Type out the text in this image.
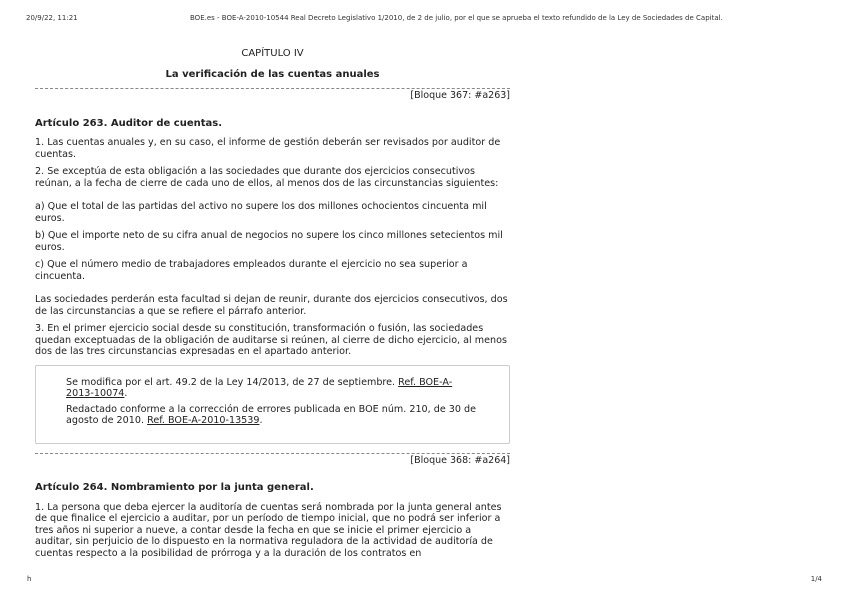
20/9/22, 11:21	BOE.es - BOE-A-2010-10544 Real Decreto Legislativo 1/2010, de 2 de julio, por el que se aprueba el texto refundido de la Ley de Sociedades de Capital.
CAPÍTULO IV
La verificación de las cuentas anuales
[Bloque 367: #a263]
Artículo 263. Auditor de cuentas.

1. Las cuentas anuales y, en su caso, el informe de gestión deberán ser revisados por auditor de cuentas.

2. Se exceptúa de esta obligación a las sociedades que durante dos ejercicios consecutivos reúnan, a la fecha de cierre de cada uno de ellos, al menos dos de las circunstancias siguientes:

a) Que el total de las partidas del activo no supere los dos millones ochocientos cincuenta mil euros.

b) Que el importe neto de su cifra anual de negocios no supere los cinco millones setecientos mil euros.

c) Que el número medio de trabajadores empleados durante el ejercicio no sea superior a cincuenta.

Las sociedades perderán esta facultad si dejan de reunir, durante dos ejercicios consecutivos, dos de las circunstancias a que se refiere el párrafo anterior.

3. En el primer ejercicio social desde su constitución, transformación o fusión, las sociedades quedan exceptuadas de la obligación de auditarse si reúnen, al cierre de dicho ejercicio, al menos dos de las tres circunstancias expresadas en el apartado anterior.

Se modifica por el art. 49.2 de la Ley 14/2013, de 27 de septiembre. Ref. BOE-A-2013-10074.

Redactado conforme a la corrección de errores publicada en BOE núm. 210, de 30 de agosto de 2010. Ref. BOE-A-2010-13539.

[Bloque 368: #a264]
Artículo 264. Nombramiento por la junta general.

1. La persona que deba ejercer la auditoría de cuentas será nombrada por la junta general antes de que finalice el ejercicio a auditar, por un período de tiempo inicial, que no podrá ser inferior a tres años ni superior a nueve, a contar desde la fecha en que se inicie el primer ejercicio a auditar, sin perjuicio de lo dispuesto en la normativa reguladora de la actividad de auditoría de cuentas respecto a la posibilidad de prórroga y a la duración de los contratos en

h	1/4
